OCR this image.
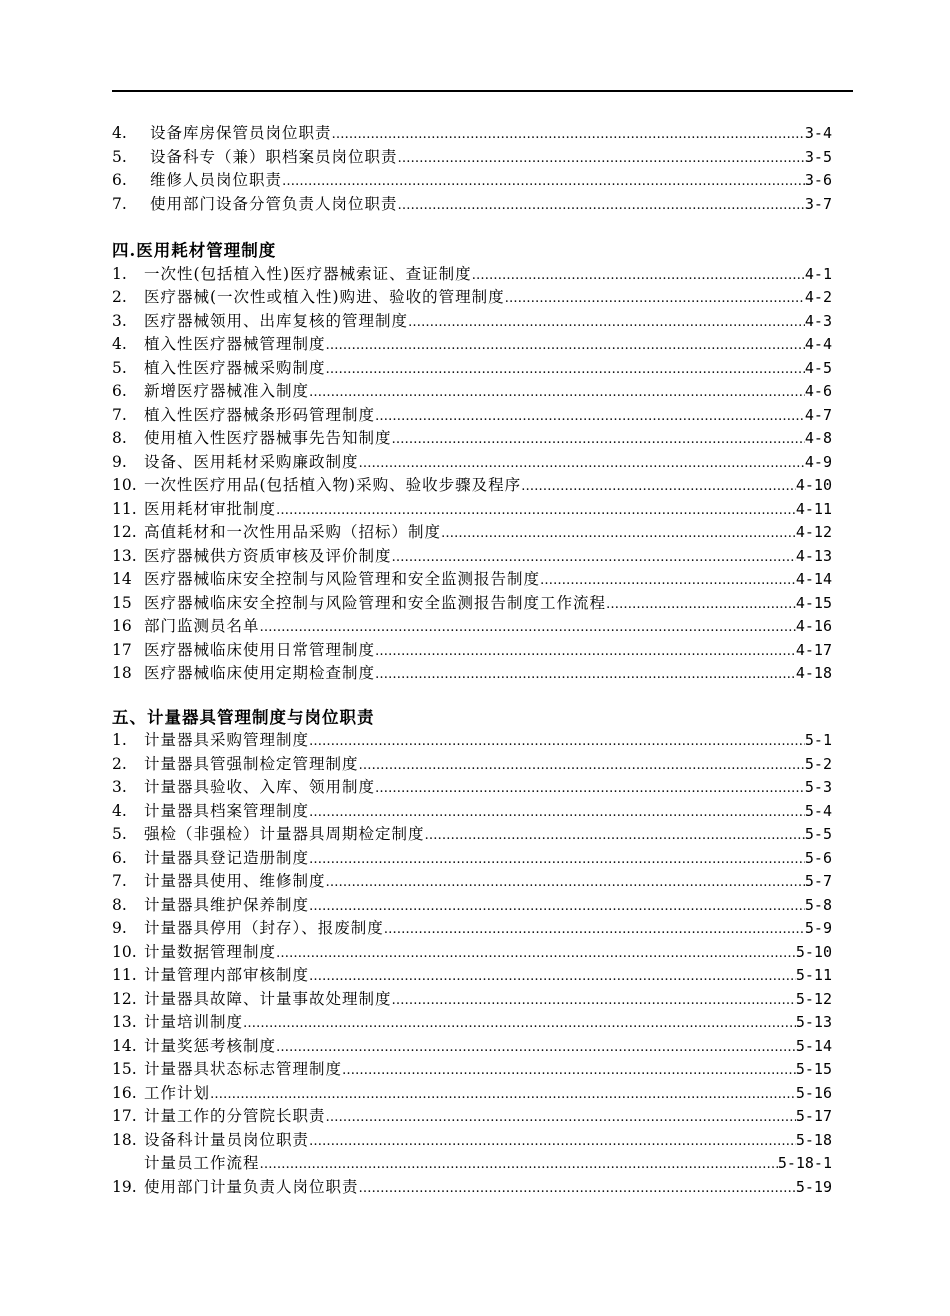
4.	设备库房保管员岗位职责 …………………………………………………………………………………………………………………………………………………………………	3-4
5.	设备科专（兼）职档案员岗位职责 …………………………………………………………………………………………………………………………………………………………………	3-5
6.	维修人员岗位职责 …………………………………………………………………………………………………………………………………………………………………	3-6
7.	使用部门设备分管负责人岗位职责 …………………………………………………………………………………………………………………………………………………………………	3-7
四.医用耗材管理制度
1.	一次性(包括植入性)医疗器械索证、查证制度 …………………………………………………………………………………………………………………………………………………………………	4-1
2.	医疗器械(一次性或植入性)购进、验收的管理制度 …………………………………………………………………………………………………………………………………………………………………	4-2
3.	医疗器械领用、出库复核的管理制度 …………………………………………………………………………………………………………………………………………………………………	4-3
4.	植入性医疗器械管理制度 …………………………………………………………………………………………………………………………………………………………………	4-4
5.	植入性医疗器械采购制度 …………………………………………………………………………………………………………………………………………………………………	4-5
6.	新增医疗器械准入制度 …………………………………………………………………………………………………………………………………………………………………	4-6
7.	植入性医疗器械条形码管理制度 …………………………………………………………………………………………………………………………………………………………………	4-7
8.	使用植入性医疗器械事先告知制度 …………………………………………………………………………………………………………………………………………………………………	4-8
9.	设备、医用耗材采购廉政制度 …………………………………………………………………………………………………………………………………………………………………	4-9
10. 一次性医疗用品(包括植入物)采购、验收步骤及程序 …………………………………………………………………………………………………………………………………………………………………	4-10
11. 医用耗材审批制度 …………………………………………………………………………………………………………………………………………………………………	4-11
12. 高值耗材和一次性用品采购（招标）制度 …………………………………………………………………………………………………………………………………………………………………	4-12
13. 医疗器械供方资质审核及评价制度 …………………………………………………………………………………………………………………………………………………………………	4-13
14 医疗器械临床安全控制与风险管理和安全监测报告制度 …………………………………………………………………………………………………………………………………………………………………	4-14
15 医疗器械临床安全控制与风险管理和安全监测报告制度工作流程 …………………………………………………………………………………………………………………………………………………………………	4-15
16 部门监测员名单 …………………………………………………………………………………………………………………………………………………………………	4-16
17 医疗器械临床使用日常管理制度 …………………………………………………………………………………………………………………………………………………………………	4-17
18 医疗器械临床使用定期检查制度 …………………………………………………………………………………………………………………………………………………………………	4-18
五、计量器具管理制度与岗位职责
1.	计量器具采购管理制度 …………………………………………………………………………………………………………………………………………………………………	5-1
2.	计量器具管强制检定管理制度 …………………………………………………………………………………………………………………………………………………………………	5-2
3.	计量器具验收、入库、领用制度 …………………………………………………………………………………………………………………………………………………………………	5-3
4.	计量器具档案管理制度 …………………………………………………………………………………………………………………………………………………………………	5-4
5.	强检（非强检）计量器具周期检定制度 …………………………………………………………………………………………………………………………………………………………………	5-5
6.	计量器具登记造册制度 …………………………………………………………………………………………………………………………………………………………………	5-6
7.	计量器具使用、维修制度 …………………………………………………………………………………………………………………………………………………………………	5-7
8.	计量器具维护保养制度 …………………………………………………………………………………………………………………………………………………………………	5-8
9.	计量器具停用（封存）、报废制度 …………………………………………………………………………………………………………………………………………………………………	5-9
10. 计量数据管理制度 …………………………………………………………………………………………………………………………………………………………………	5-10
11. 计量管理内部审核制度 …………………………………………………………………………………………………………………………………………………………………	5-11
12. 计量器具故障、计量事故处理制度 …………………………………………………………………………………………………………………………………………………………………	5-12
13. 计量培训制度 …………………………………………………………………………………………………………………………………………………………………	5-13
14. 计量奖惩考核制度 …………………………………………………………………………………………………………………………………………………………………	5-14
15. 计量器具状态标志管理制度 …………………………………………………………………………………………………………………………………………………………………	5-15
16. 工作计划 …………………………………………………………………………………………………………………………………………………………………	5-16
17. 计量工作的分管院长职责 …………………………………………………………………………………………………………………………………………………………………	5-17
18. 设备科计量员岗位职责 …………………………………………………………………………………………………………………………………………………………………	5-18
计量员工作流程 …………………………………………………………………………………………………………………………………………………………………	5-18-1
19. 使用部门计量负责人岗位职责 …………………………………………………………………………………………………………………………………………………………………	5-19
